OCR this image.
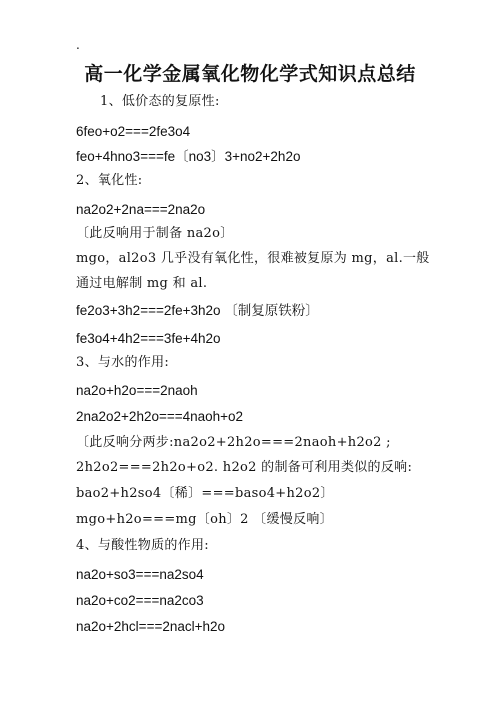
.
高一化学金属氧化物化学式知识点总结
1、低价态的复原性:
6feo+o2===2fe3o4
feo+4hno3===fe〔no3〕3+no2+2h2o
2、氧化性:
na2o2+2na===2na2o
〔此反响用于制备 na2o〕
mgo，al2o3 几乎没有氧化性，很难被复原为 mg，al.一般
通过电解制 mg 和 al.
fe2o3+3h2===2fe+3h2o 〔制复原铁粉〕
fe3o4+4h2===3fe+4h2o
3、与水的作用:
na2o+h2o===2naoh
2na2o2+2h2o===4naoh+o2
〔此反响分两步:na2o2+2h2o===2naoh+h2o2 ;
2h2o2===2h2o+o2. h2o2 的制备可利用类似的反响:
bao2+h2so4〔稀〕===baso4+h2o2〕
mgo+h2o===mg〔oh〕2 〔缓慢反响〕
4、与酸性物质的作用:
na2o+so3===na2so4
na2o+co2===na2co3
na2o+2hcl===2nacl+h2o
